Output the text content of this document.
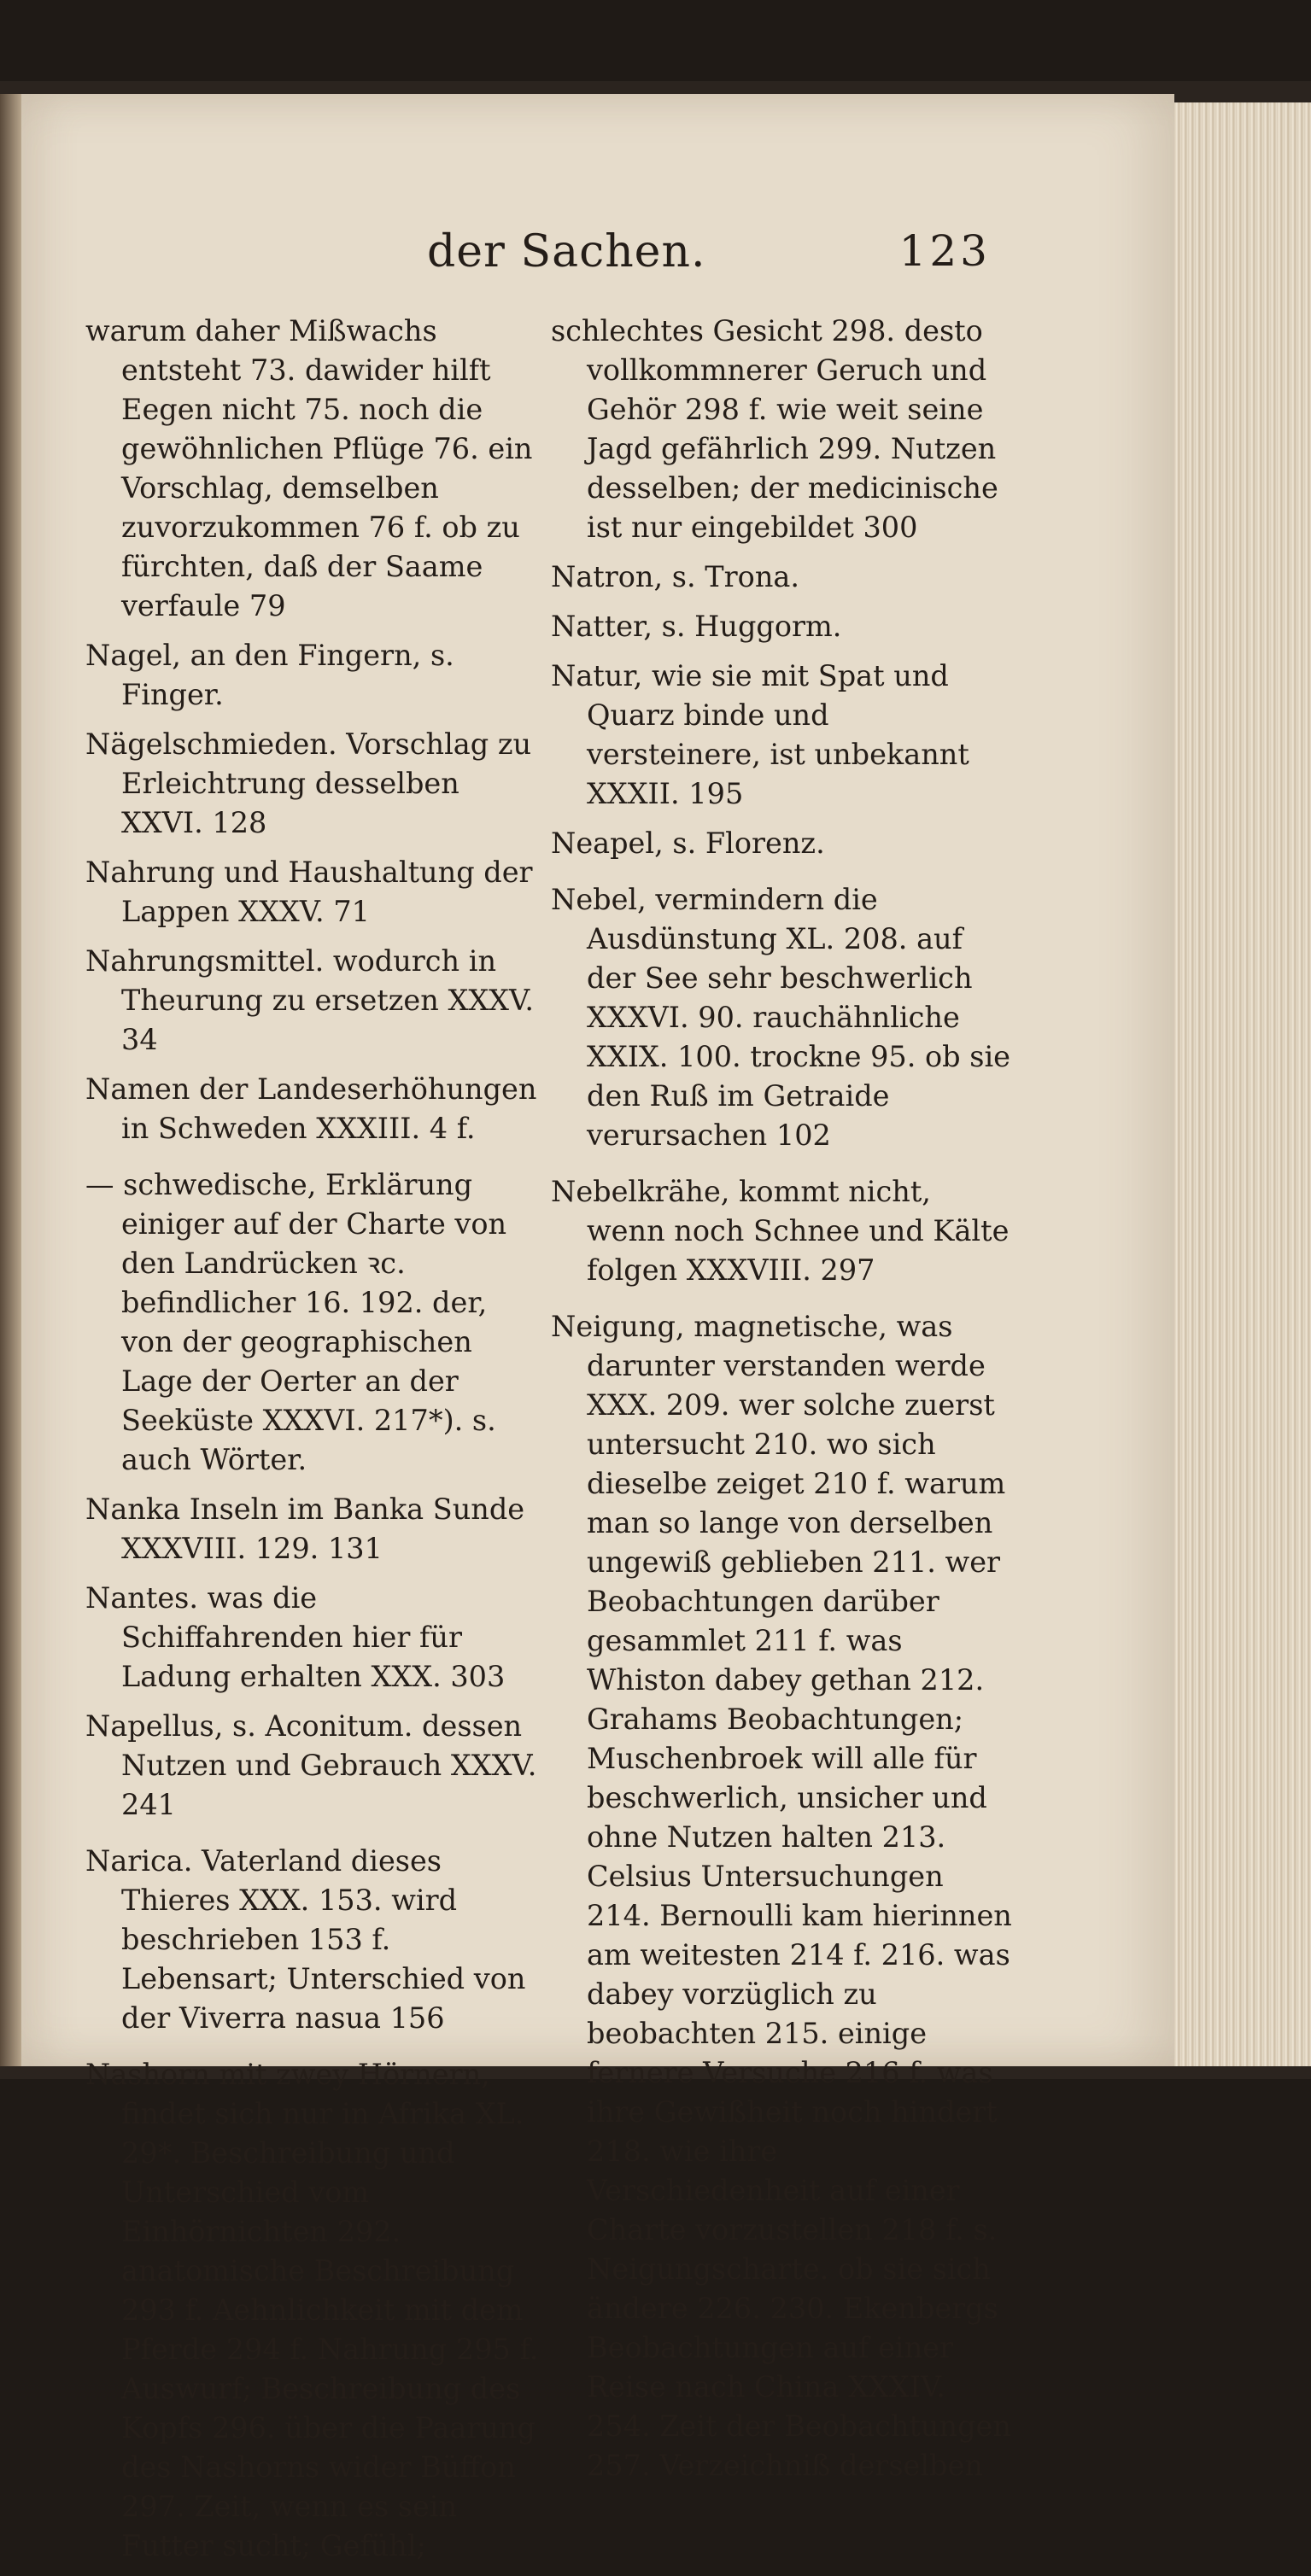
der Sachen.	123

warum daher Mißwachs entsteht 73. dawider hilft Eegen nicht 75. noch die gewöhnlichen Pflüge 76. ein Vorschlag, demselben zuvorzukommen 76 f. ob zu fürchten, daß der Saame verfaule 79

Nagel, an den Fingern, s. Finger.

Nägelschmieden. Vorschlag zu Erleichtrung desselben XXVI. 128

Nahrung und Haushaltung der Lappen XXXV. 71

Nahrungsmittel. wodurch in Theurung zu ersetzen XXXV. 34

Namen der Landeserhöhungen in Schweden XXXIII. 4 f.

— schwedische, Erklärung einiger auf der Charte von den Landrücken ꝛc. befindlicher 16. 192. der, von der geographischen Lage der Oerter an der Seeküste XXXVI. 217*). s. auch Wörter.

Nanka Inseln im Banka Sunde XXXVIII. 129. 131

Nantes. was die Schiffahrenden hier für Ladung erhalten XXX. 303

Napellus, s. Aconitum. dessen Nutzen und Gebrauch XXXV. 241

Narica. Vaterland dieses Thieres XXX. 153. wird beschrieben 153 f. Lebensart; Unterschied von der Viverra nasua 156

Nashorn mit zwey Hörnern, findet sich nur in Afrika XL. 29*. Beschreibung und Unterschied vom Einhörnichten 292. anatomische Beschreibung 293 f. Aehnlichkeit mit dem Pferde 294 f. Nahrung 295 f. Auswurf; Beschreibung des Kopfs 296. über die Paarung des Nashorns wider Büffon 297. Zeit, wenn es sein Futter sucht; Gefühl;

schlechtes Gesicht 298. desto vollkommnerer Geruch und Gehör 298 f. wie weit seine Jagd gefährlich 299. Nutzen desselben; der medicinische ist nur eingebildet 300

Natron, s. Trona.

Natter, s. Huggorm.

Natur, wie sie mit Spat und Quarz binde und versteinere, ist unbekannt XXXII. 195

Neapel, s. Florenz.

Nebel, vermindern die Ausdünstung XL. 208. auf der See sehr beschwerlich XXXVI. 90. rauchähnliche XXIX. 100. trockne 95. ob sie den Ruß im Getraide verursachen 102

Nebelkrähe, kommt nicht, wenn noch Schnee und Kälte folgen XXXVIII. 297

Neigung, magnetische, was darunter verstanden werde XXX. 209. wer solche zuerst untersucht 210. wo sich dieselbe zeiget 210 f. warum man so lange von derselben ungewiß geblieben 211. wer Beobachtungen darüber gesammlet 211 f. was Whiston dabey gethan 212. Grahams Beobachtungen; Muschenbroek will alle für beschwerlich, unsicher und ohne Nutzen halten 213. Celsius Untersuchungen 214. Bernoulli kam hierinnen am weitesten 214 f. 216. was dabey vorzüglich zu beobachten 215. einige fernere Versuche 216 f. was ihre Gewißheit noch hindert 218. wie ihre Verschiedenheit auf einer Charte vorzustellen 218 f. s. Neigungscharte. ob sie sich ändere 226. 230. Ekenbergs Beobachtungen auf einer Reise nach China XXXIV. 254. Zeit der Beobachtungen 257. Verzeichniß derselben
